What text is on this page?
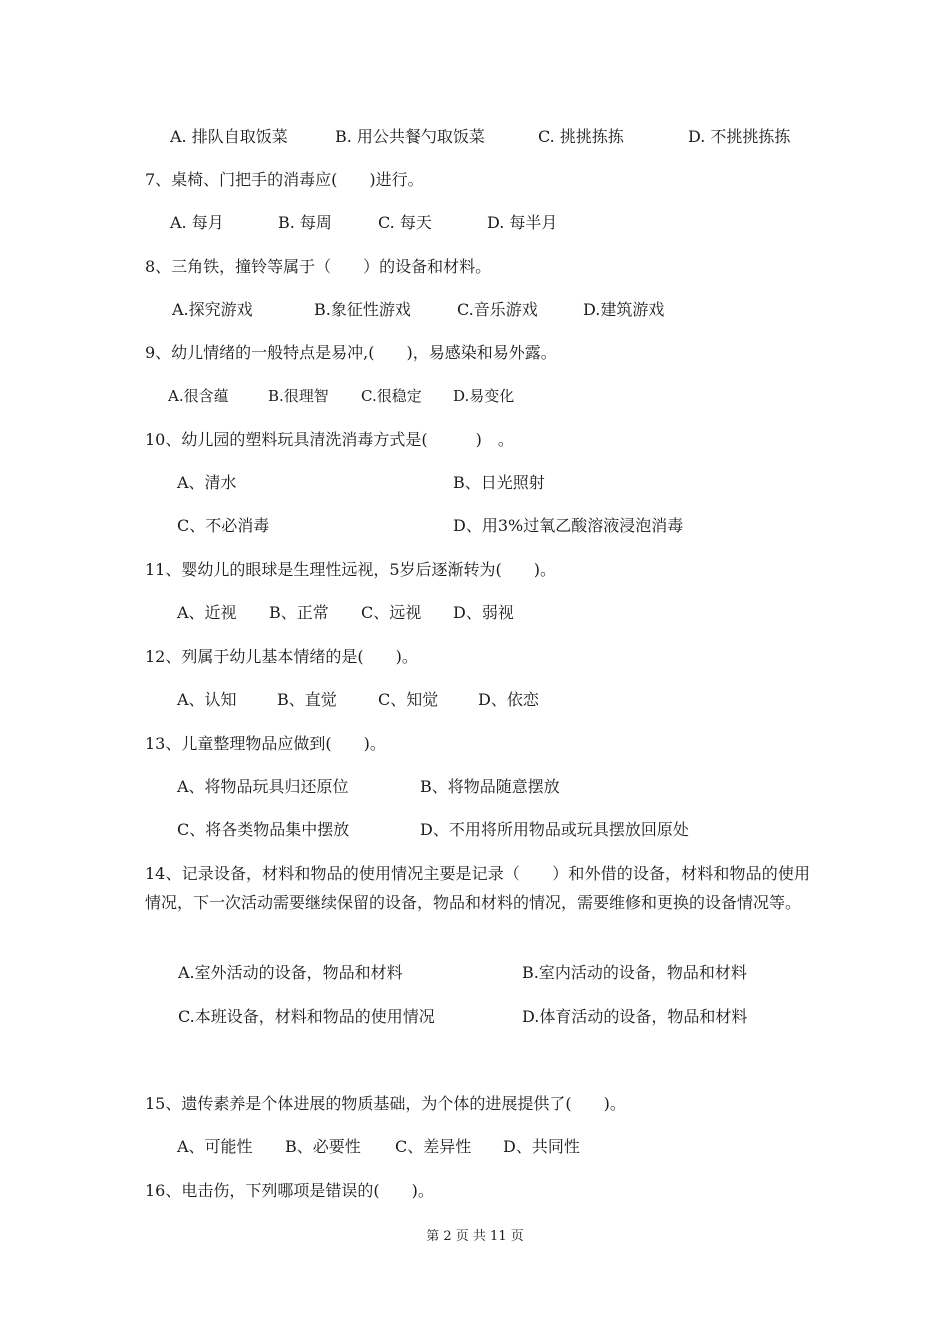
A. 排队自取饭菜	B. 用公共餐勺取饭菜	C. 挑挑拣拣	D. 不挑挑拣拣
7、桌椅、门把手的消毒应(　　)进行。
A. 每月	B. 每周	C. 每天	D. 每半月
8、三角铁，撞铃等属于（　　）的设备和材料。
A.探究游戏	B.象征性游戏	C.音乐游戏	D.建筑游戏
9、幼儿情绪的一般特点是易冲,(　　)，易感染和易外露。
A.很含蕴	B.很理智 C.很稳定 D.易变化
10、幼儿园的塑料玩具清洗消毒方式是(　　　)　。
A、清水	B、日光照射
C、不必消毒	D、用3%过氧乙酸溶液浸泡消毒
11、婴幼儿的眼球是生理性远视，5岁后逐渐转为(　　)。
A、近视 B、正常 C、远视 D、弱视
12、列属于幼儿基本情绪的是(　　)。
A、认知	B、直觉	C、知觉 D、依恋
13、儿童整理物品应做到(　　)。
A、将物品玩具归还原位	B、将物品随意摆放
C、将各类物品集中摆放	D、不用将所用物品或玩具摆放回原处
14、记录设备，材料和物品的使用情况主要是记录（　　）和外借的设备，材料和物品的使用情况，下一次活动需要继续保留的设备，物品和材料的情况，需要维修和更换的设备情况等。
A.室外活动的设备，物品和材料	B.室内活动的设备，物品和材料
C.本班设备，材料和物品的使用情况	D.体育活动的设备，物品和材料
15、遗传素养是个体进展的物质基础，为个体的进展提供了(　　)。
A、可能性 B、必要性 C、差异性 D、共同性
16、电击伤，下列哪项是错误的(　　)。
第 2 页 共 11 页
